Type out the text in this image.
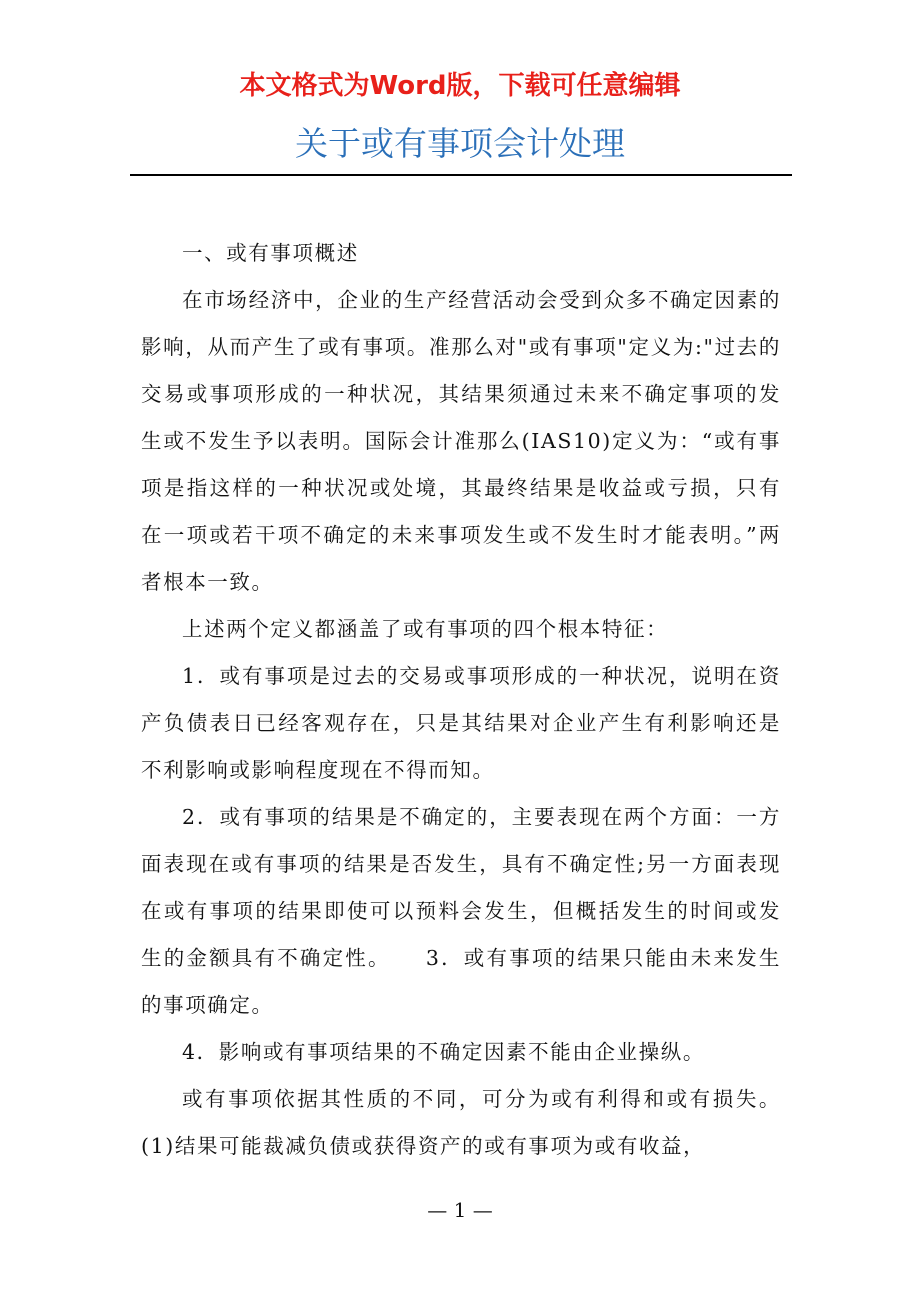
本文格式为Word版，下载可任意编辑
关于或有事项会计处理

一、或有事项概述

在市场经济中，企业的生产经营活动会受到众多不确定因素的影响，从而产生了或有事项。准那么对"或有事项"定义为:"过去的交易或事项形成的一种状况，其结果须通过未来不确定事项的发生或不发生予以表明。国际会计准那么(IAS10)定义为：“或有事项是指这样的一种状况或处境，其最终结果是收益或亏损，只有在一项或若干项不确定的未来事项发生或不发生时才能表明。”两者根本一致。

上述两个定义都涵盖了或有事项的四个根本特征：

1．或有事项是过去的交易或事项形成的一种状况，说明在资产负债表日已经客观存在，只是其结果对企业产生有利影响还是不利影响或影响程度现在不得而知。

2．或有事项的结果是不确定的，主要表现在两个方面：一方面表现在或有事项的结果是否发生，具有不确定性;另一方面表现在或有事项的结果即使可以预料会发生，但概括发生的时间或发生的金额具有不确定性。　　3．或有事项的结果只能由未来发生的事项确定。

4．影响或有事项结果的不确定因素不能由企业操纵。

或有事项依据其性质的不同，可分为或有利得和或有损失。(1)结果可能裁减负债或获得资产的或有事项为或有收益，

— 1 —
